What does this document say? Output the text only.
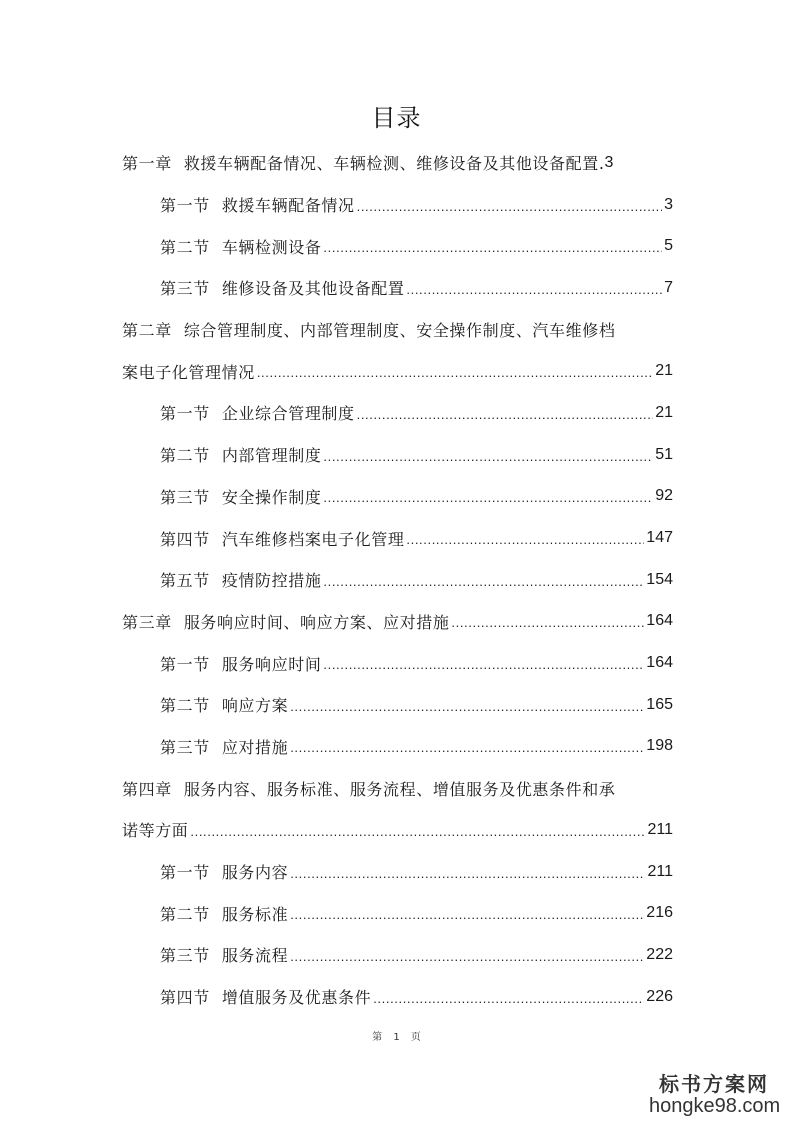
目录
第一章 救援车辆配备情况、车辆检测、维修设备及其他设备配置. 3
第一节 救援车辆配备情况 .....	3
第二节 车辆检测设备 .....	5
第三节 维修设备及其他设备配置 .....	7
第二章 综合管理制度、内部管理制度、安全操作制度、汽车维修档
案电子化管理情况 .....	21
第一节 企业综合管理制度 .....	21
第二节 内部管理制度 .....	51
第三节 安全操作制度 .....	92
第四节 汽车维修档案电子化管理 .....	147
第五节 疫情防控措施 .....	154
第三章 服务响应时间、响应方案、应对措施 .....	164
第一节 服务响应时间 .....	164
第二节 响应方案 .....	165
第三节 应对措施 .....	198
第四章 服务内容、服务标准、服务流程、增值服务及优惠条件和承
诺等方面 .....	211
第一节 服务内容 .....	211
第二节 服务标准 .....	216
第三节 服务流程 .....	222
第四节 增值服务及优惠条件 .....	226
第 1 页
标书方案网
hongke98.com
